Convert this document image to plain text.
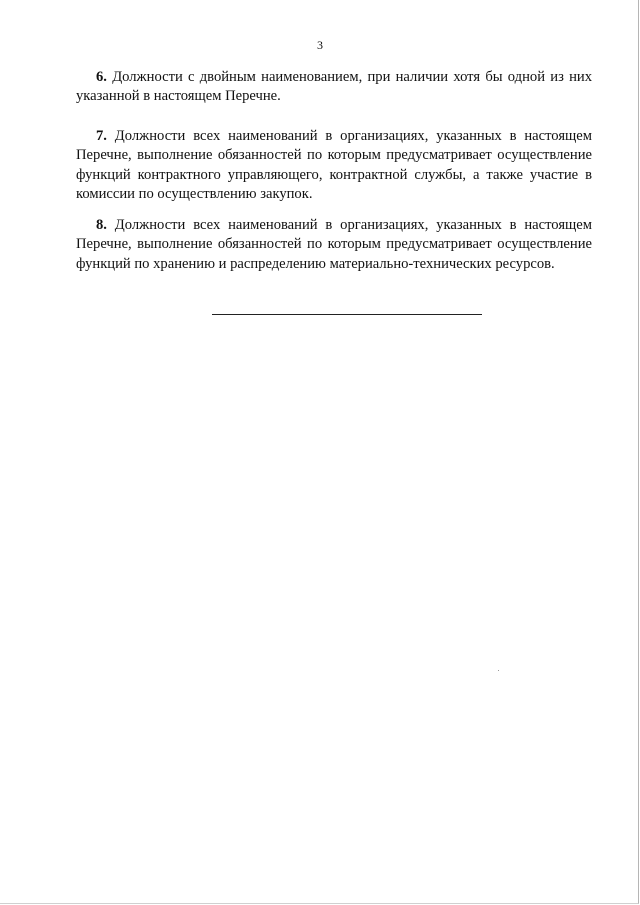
3

6. Должности с двойным наименованием, при наличии хотя бы одной из них указанной в настоящем Перечне.

7. Должности всех наименований в организациях, указанных в настоящем Перечне, выполнение обязанностей по которым предусматривает осуществление функций контрактного управляющего, контрактной службы, а также участие в комиссии по осуществлению закупок.

8. Должности всех наименований в организациях, указанных в настоящем Перечне, выполнение обязанностей по которым предусматривает осуществление функций по хранению и распределению материально-технических ресурсов.
